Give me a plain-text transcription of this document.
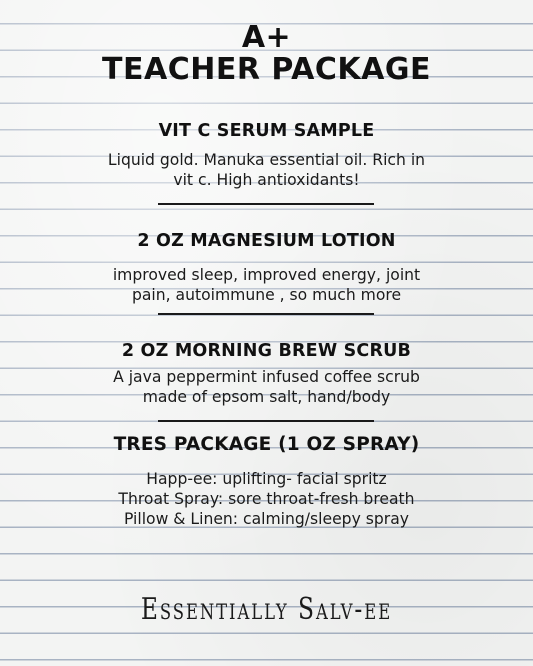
A+
TEACHER PACKAGE
VIT C SERUM SAMPLE

Liquid gold. Manuka essential oil. Rich in

vit c. High antioxidants!

2 OZ MAGNESIUM LOTION

improved sleep, improved energy, joint

pain, autoimmune , so much more

2 OZ MORNING BREW SCRUB

A java peppermint infused coffee scrub

made of epsom salt, hand/body

TRES PACKAGE (1 OZ SPRAY)

Happ-ee: uplifting- facial spritz

Throat Spray: sore throat-fresh breath

Pillow & Linen: calming/sleepy spray

Essentially Salv-ee
